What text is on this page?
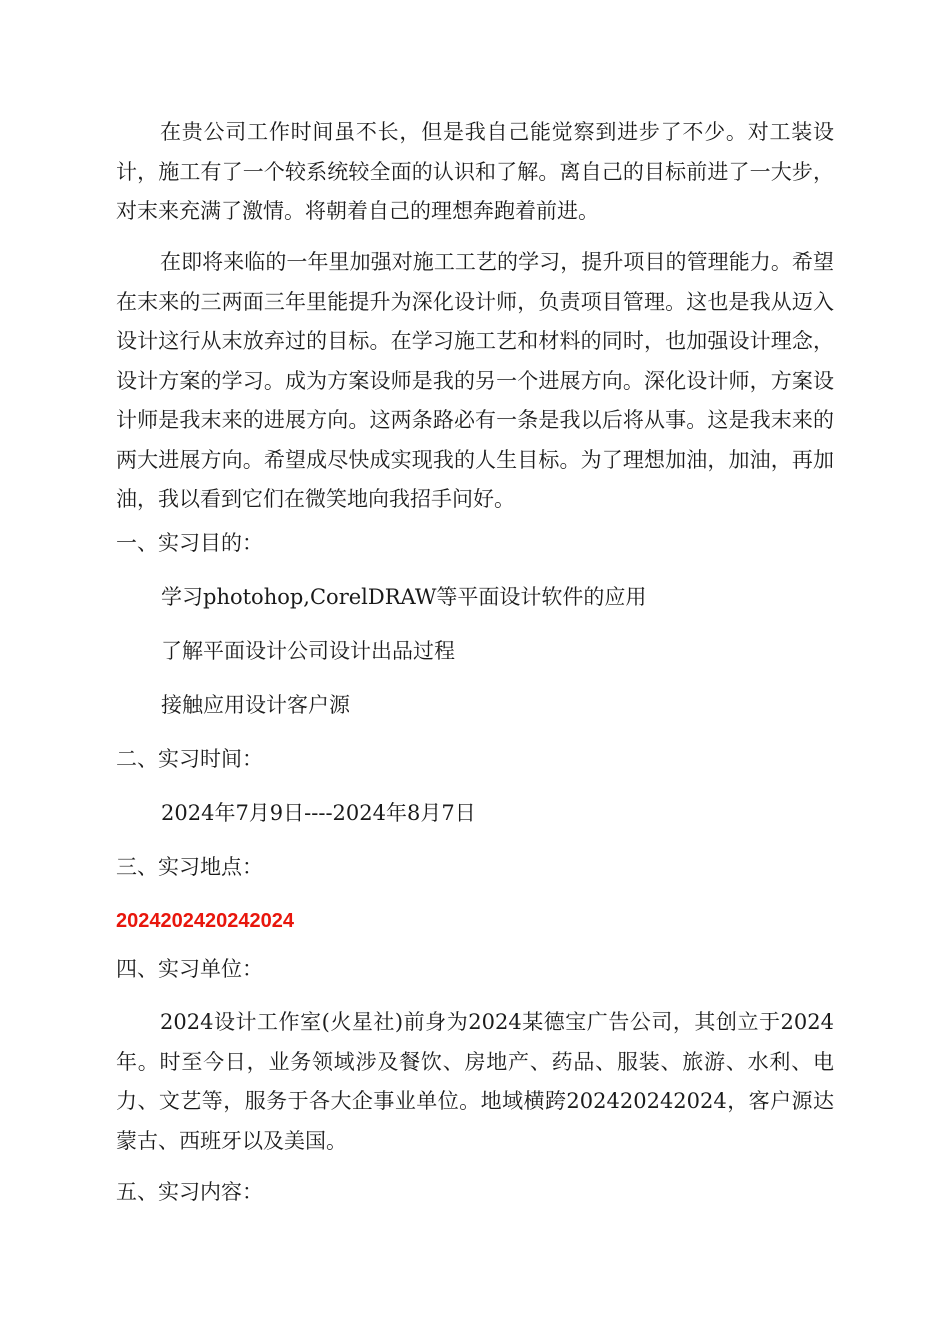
在贵公司工作时间虽不长，但是我自己能觉察到进步了不少。对工装设计，施工有了一个较系统较全面的认识和了解。离自己的目标前进了一大步，对末来充满了激情。将朝着自己的理想奔跑着前进。

在即将来临的一年里加强对施工工艺的学习，提升项目的管理能力。希望在末来的三两面三年里能提升为深化设计师，负责项目管理。这也是我从迈入设计这行从末放弃过的目标。在学习施工艺和材料的同时，也加强设计理念，设计方案的学习。成为方案设师是我的另一个进展方向。深化设计师，方案设计师是我末来的进展方向。这两条路必有一条是我以后将从事。这是我末来的两大进展方向。希望成尽快成实现我的人生目标。为了理想加油，加油，再加油，我以看到它们在微笑地向我招手问好。

一、实习目的：

学习photohop,CorelDRAW等平面设计软件的应用

了解平面设计公司设计出品过程

接触应用设计客户源

二、实习时间：

2024年7月9日----2024年8月7日

三、实习地点：

2024202420242024

四、实习单位：

2024设计工作室(火星社)前身为2024某德宝广告公司，其创立于2024年。时至今日，业务领域涉及餐饮、房地产、药品、服装、旅游、水利、电力、文艺等，服务于各大企事业单位。地域横跨202420242024，客户源达蒙古、西班牙以及美国。

五、实习内容：
